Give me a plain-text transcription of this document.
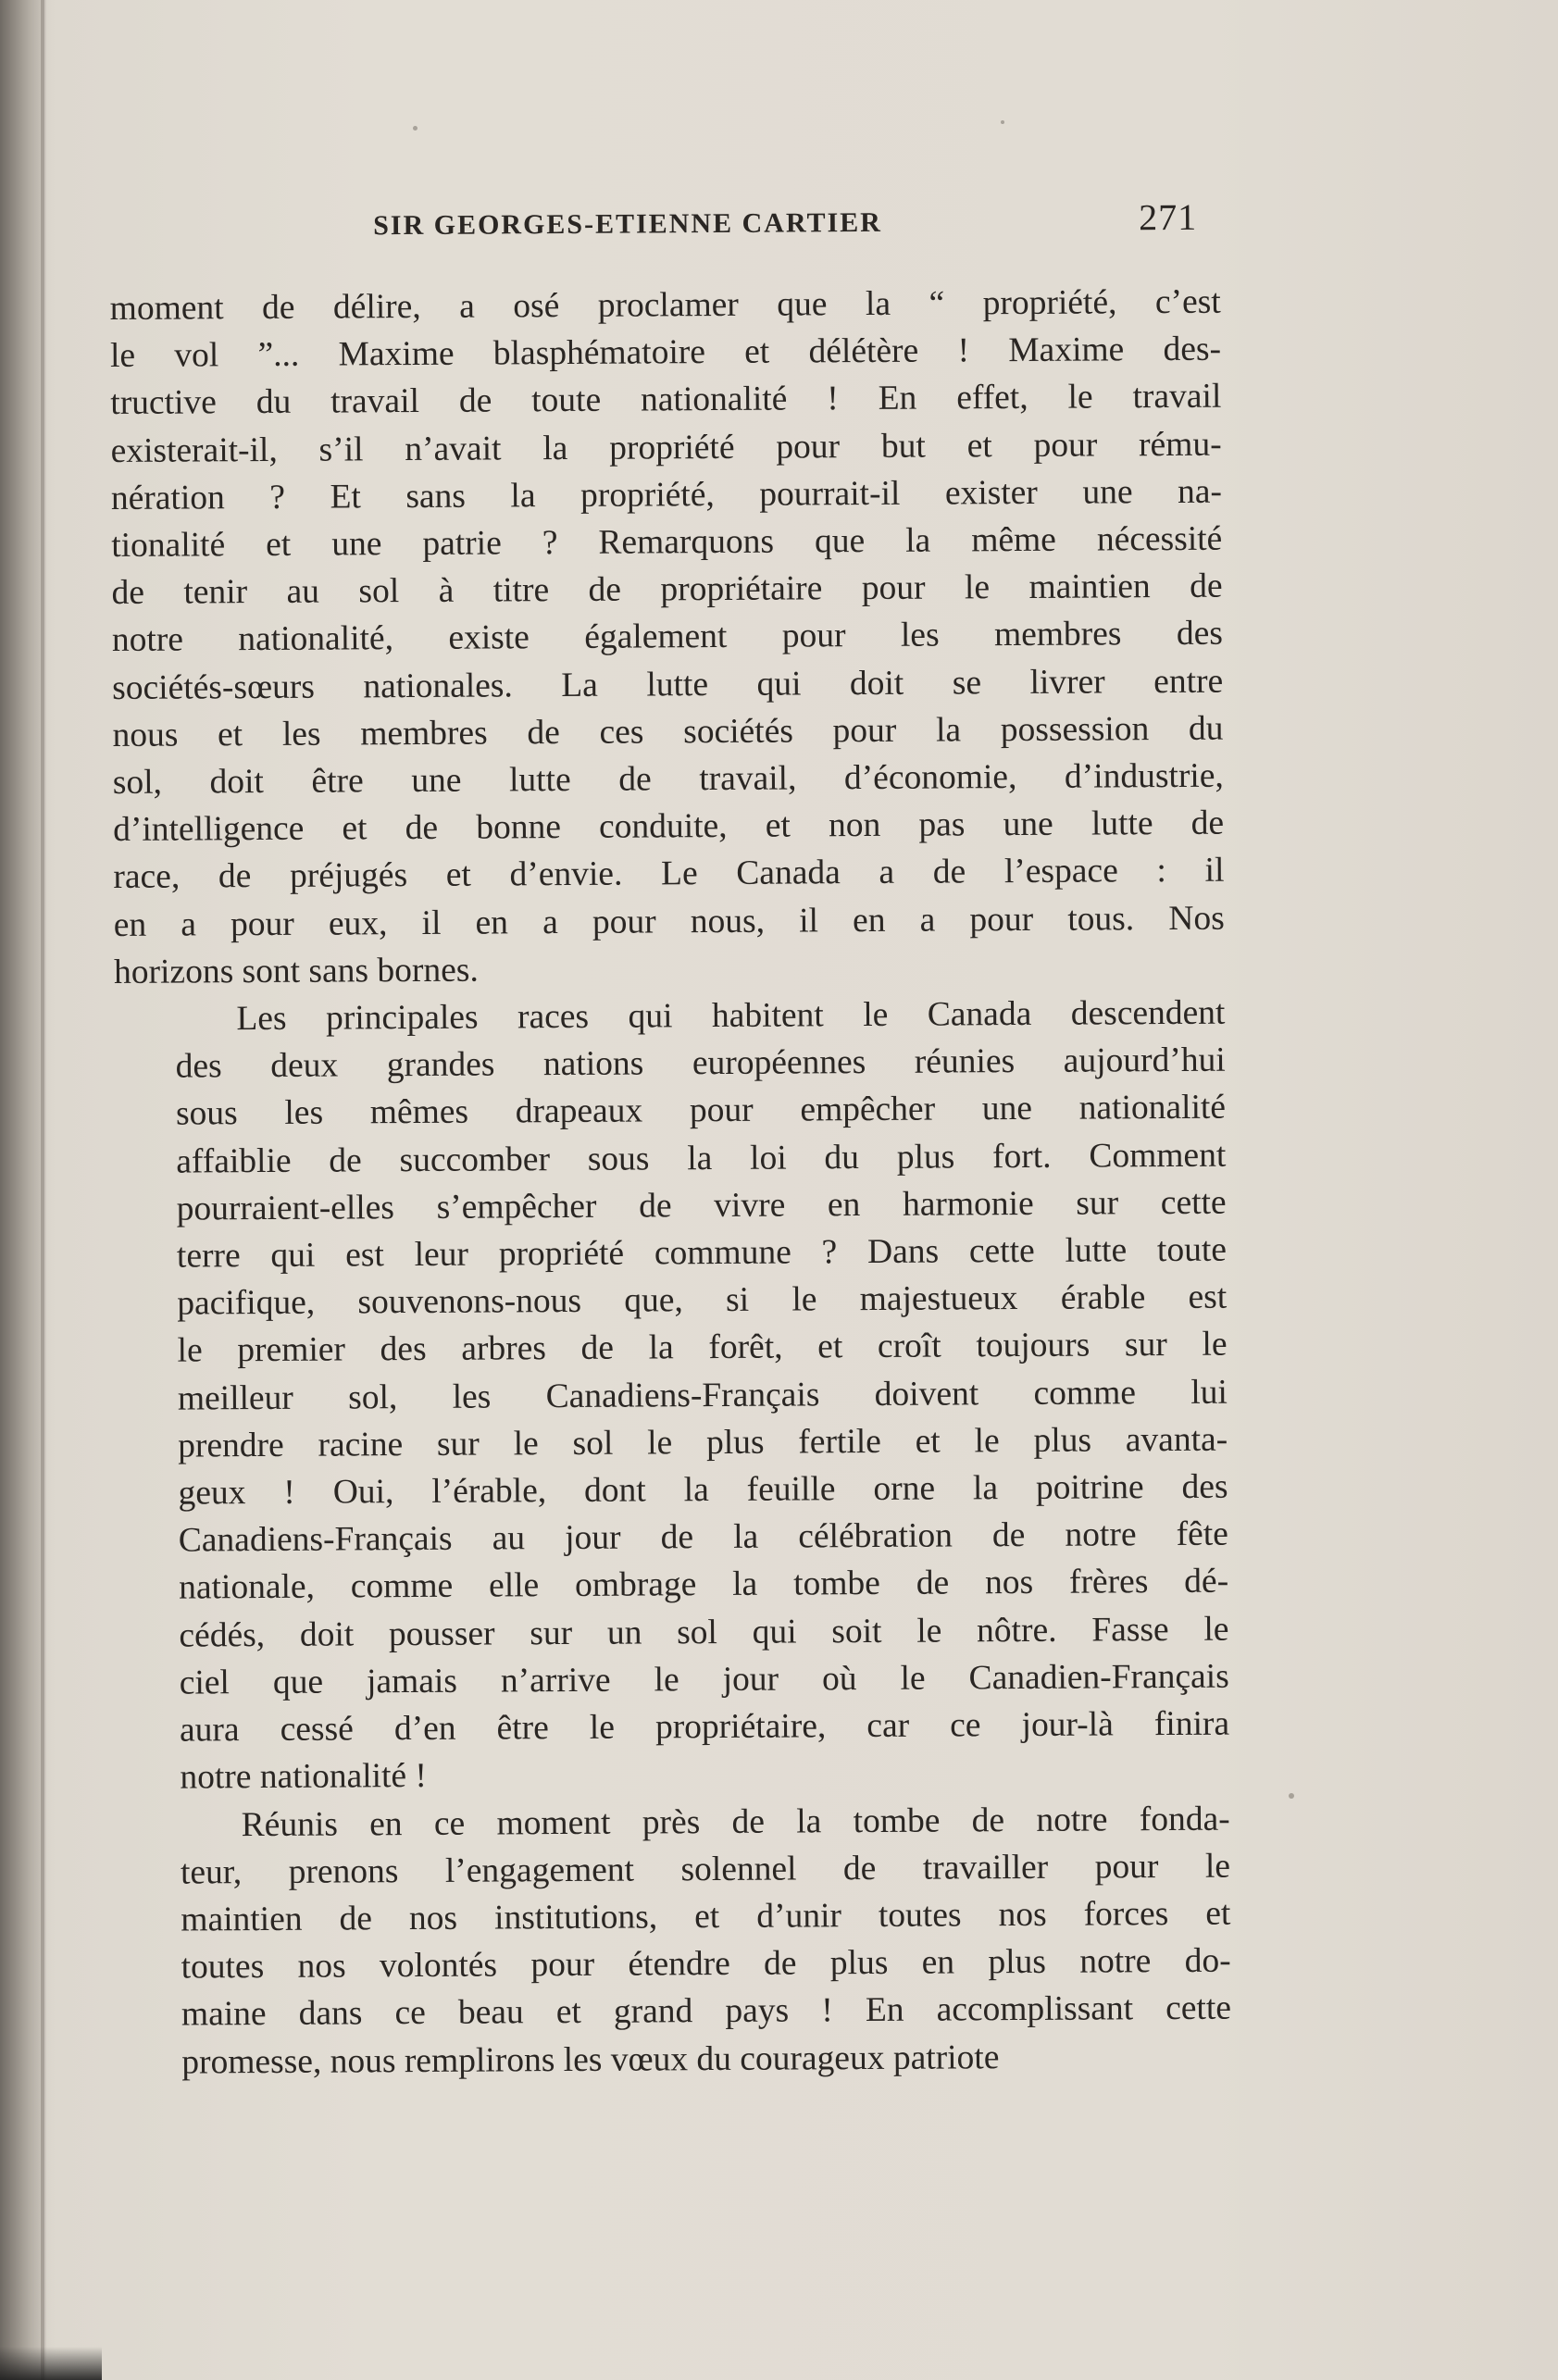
SIR GEORGES-ETIENNE CARTIER	271

moment de délire, a osé proclamer que la “ propriété, c’est
le vol ”... Maxime blasphématoire et délétère ! Maxime des-
tructive du travail de toute nationalité ! En effet, le travail
existerait-il, s’il n’avait la propriété pour but et pour rému-
nération ? Et sans la propriété, pourrait-il exister une na-
tionalité et une patrie ? Remarquons que la même nécessité
de tenir au sol à titre de propriétaire pour le maintien de
notre nationalité, existe également pour les membres des
sociétés-sœurs nationales. La lutte qui doit se livrer entre
nous et les membres de ces sociétés pour la possession du
sol, doit être une lutte de travail, d’économie, d’industrie,
d’intelligence et de bonne conduite, et non pas une lutte de
race, de préjugés et d’envie. Le Canada a de l’espace : il
en a pour eux, il en a pour nous, il en a pour tous. Nos
horizons sont sans bornes.

Les principales races qui habitent le Canada descendent
des deux grandes nations européennes réunies aujourd’hui
sous les mêmes drapeaux pour empêcher une nationalité
affaiblie de succomber sous la loi du plus fort. Comment
pourraient-elles s’empêcher de vivre en harmonie sur cette
terre qui est leur propriété commune ? Dans cette lutte toute
pacifique, souvenons-nous que, si le majestueux érable est
le premier des arbres de la forêt, et croît toujours sur le
meilleur sol, les Canadiens-Français doivent comme lui
prendre racine sur le sol le plus fertile et le plus avanta-
geux ! Oui, l’érable, dont la feuille orne la poitrine des
Canadiens-Français au jour de la célébration de notre fête
nationale, comme elle ombrage la tombe de nos frères dé-
cédés, doit pousser sur un sol qui soit le nôtre. Fasse le
ciel que jamais n’arrive le jour où le Canadien-Français
aura cessé d’en être le propriétaire, car ce jour-là finira
notre nationalité !

Réunis en ce moment près de la tombe de notre fonda-
teur, prenons l’engagement solennel de travailler pour le
maintien de nos institutions, et d’unir toutes nos forces et
toutes nos volontés pour étendre de plus en plus notre do-
maine dans ce beau et grand pays ! En accomplissant cette
promesse, nous remplirons les vœux du courageux patriote
